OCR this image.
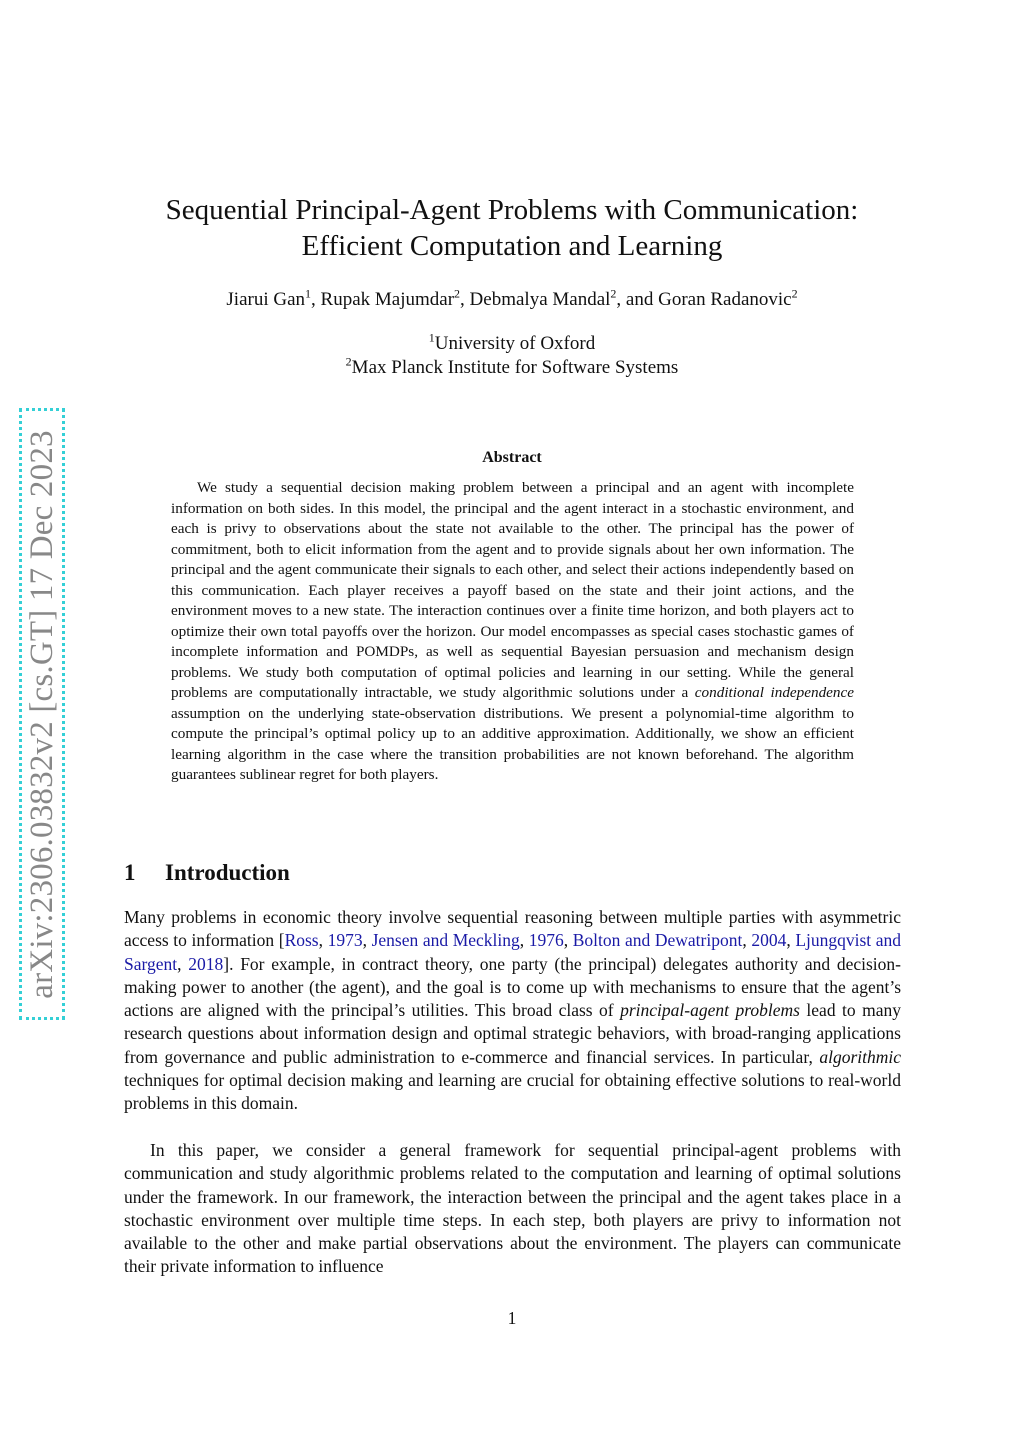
arXiv:2306.03832v2 [cs.GT] 17 Dec 2023
Sequential Principal-Agent Problems with Communication:
Efficient Computation and Learning
Jiarui Gan$^1$, Rupak Majumdar$^2$, Debmalya Mandal$^2$, and Goran Radanovic$^2$
$^1$University of Oxford
$^2$Max Planck Institute for Software Systems
Abstract

We study a sequential decision making problem between a principal and an agent with incomplete information on both sides. In this model, the principal and the agent interact in a stochastic environment, and each is privy to observations about the state not available to the other. The principal has the power of commitment, both to elicit information from the agent and to provide signals about her own information. The principal and the agent communicate their signals to each other, and select their actions independently based on this communication. Each player receives a payoff based on the state and their joint actions, and the environment moves to a new state. The interaction continues over a finite time horizon, and both players act to optimize their own total payoffs over the horizon. Our model encompasses as special cases stochastic games of incomplete information and POMDPs, as well as sequential Bayesian persuasion and mechanism design problems. We study both computation of optimal policies and learning in our setting. While the general problems are computationally intractable, we study algorithmic solutions under a conditional independence assumption on the underlying state-observation distributions. We present a polynomial-time algorithm to compute the principal’s optimal policy up to an additive approximation. Additionally, we show an efficient learning algorithm in the case where the transition probabilities are not known beforehand. The algorithm guarantees sublinear regret for both players.

1 Introduction

Many problems in economic theory involve sequential reasoning between multiple parties with asymmetric access to information [Ross, 1973, Jensen and Meckling, 1976, Bolton and Dewatripont, 2004, Ljungqvist and Sargent, 2018]. For example, in contract theory, one party (the principal) delegates authority and decision-making power to another (the agent), and the goal is to come up with mechanisms to ensure that the agent’s actions are aligned with the principal’s utilities. This broad class of principal-agent problems lead to many research questions about information design and optimal strategic behaviors, with broad-ranging applications from governance and public administration to e-commerce and financial services. In particular, algorithmic techniques for optimal decision making and learning are crucial for obtaining effective solutions to real-world problems in this domain.

In this paper, we consider a general framework for sequential principal-agent problems with communication and study algorithmic problems related to the computation and learning of optimal solutions under the framework. In our framework, the interaction between the principal and the agent takes place in a stochastic environment over multiple time steps. In each step, both players are privy to information not available to the other and make partial observations about the environment. The players can communicate their private information to influence

1
